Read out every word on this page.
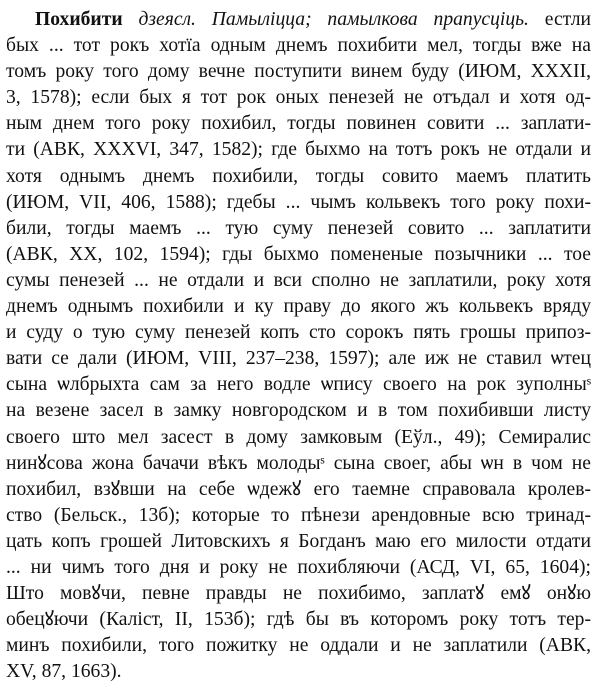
Похибити дзеясл. Памыліцца; памылкова прапусціць. естли
бых ... тот рокъ хотїа одным днемъ похибити мел, тогды вже на
томъ року того дому вечне поступити винем буду (ИЮМ, XXXII,
3, 1578); если бых я тот рок оных пенезей не отъдал и хотя од-
ным днем того року похибил, тогды повинен совити ... заплати-
ти (АВК, XXXVI, 347, 1582); где быхмо на тотъ рокъ не отдали и
хотя однымъ днемъ похибили, тогды совито маемъ платить
(ИЮМ, VII, 406, 1588); гдебы ... чымъ кольвекъ того року похи-
били, тогды маемъ ... тую суму пенезей совито ... заплатити
(АВК, XX, 102, 1594); гды быхмо помененые позычники ... тое
сумы пенезей ... не отдали и вси сполно не заплатили, року хотя
днемъ однымъ похибили и ку праву до якого жъ кольвекъ вряду
и суду о тую суму пенезей копъ сто сорокъ пять грошы припоз-
вати се дали (ИЮМ, VIII, 237–238, 1597); але иж не ставил ѡтец
сына ѡлбрыхта сам за него водле ѡпису своего на рок зуполныˢ
на везене засел в замку новгородском и в том похибивши листу
своего што мел засест в дому замковым (Еўл., 49); Семиралис
нинꙋсова жона бачачи вѣкъ молодыˢ сына своег, абы ѡн в чом не
похибил, взꙋвши на себе ѡдежꙋ его таемне справовала кролев-
ство (Бельск., 13б); которые то пѣнези арендовные всю тринад-
цать копъ грошей Литовскихъ я Богданъ маю его милости отдати
... ни чимъ того дня и року не похибляючи (АСД, VI, 65, 1604);
Што мовꙋчи, певне правды не похибимо, заплатꙋ емꙋ онꙋю
обецꙋючи (Калiст, II, 153б); гдѣ бы въ которомъ року тотъ тер-
минъ похибили, того пожитку не оддали и не заплатили (АВК,
XV, 87, 1663).
